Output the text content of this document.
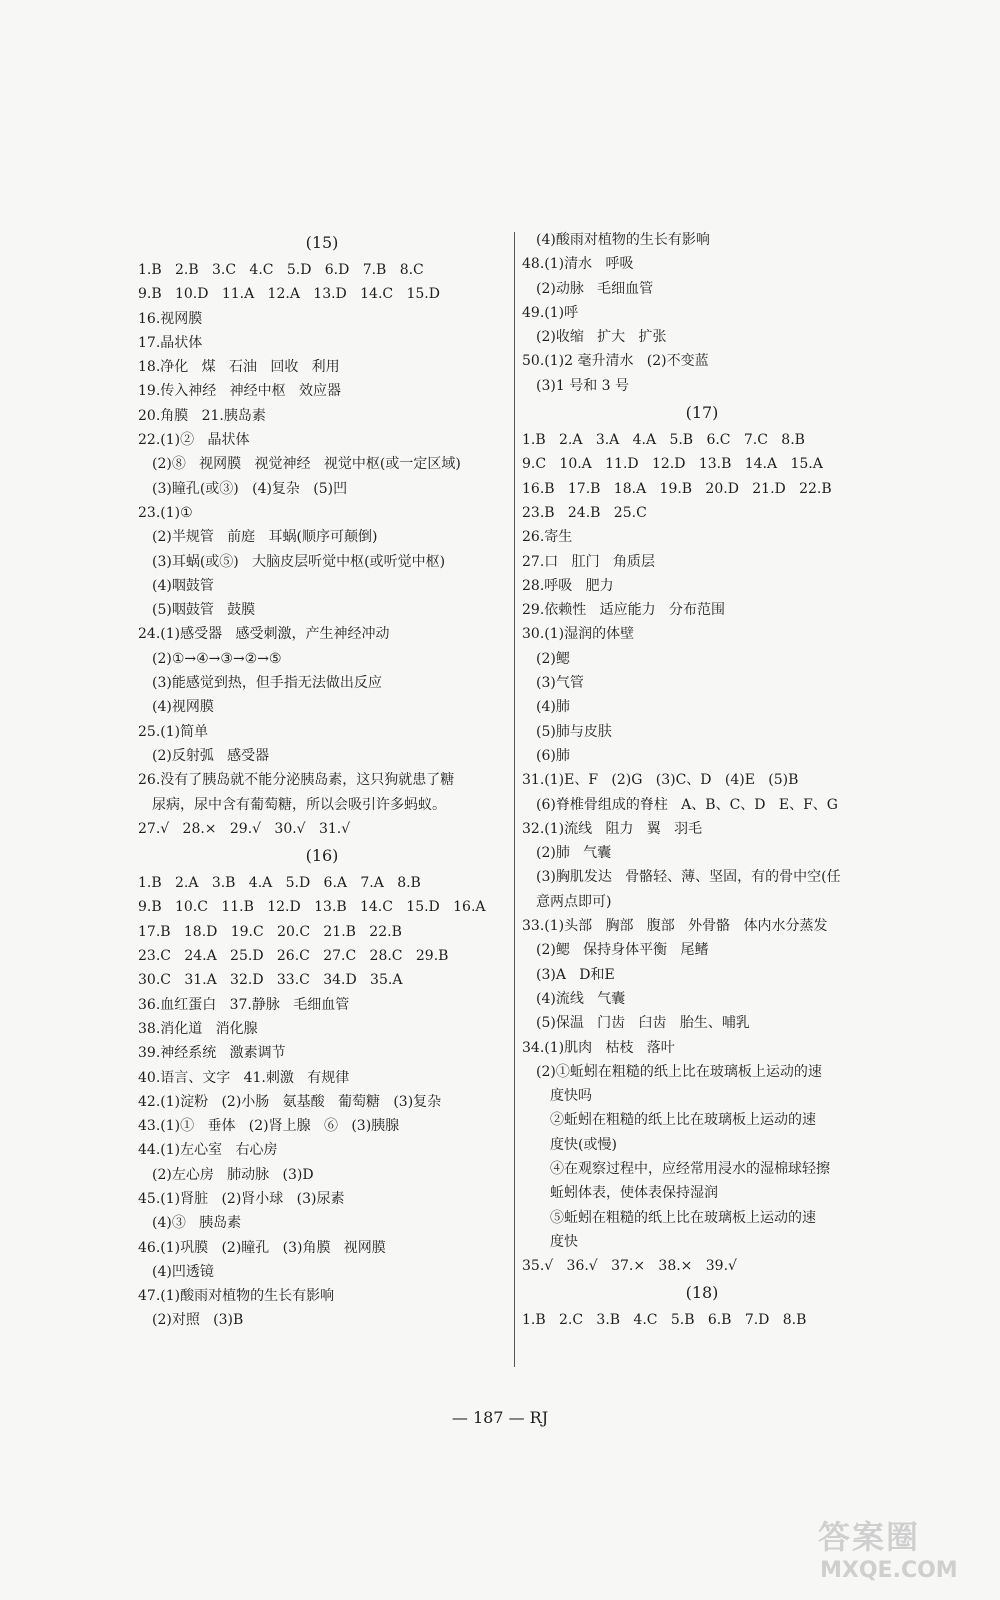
(15)
1.B   2.B   3.C   4.C   5.D   6.D   7.B   8.C
9.B   10.D   11.A   12.A   13.D   14.C   15.D
16.视网膜
17.晶状体
18.净化   煤   石油   回收   利用
19.传入神经   神经中枢   效应器
20.角膜   21.胰岛素
22.(1)②   晶状体
(2)⑧   视网膜   视觉神经   视觉中枢(或一定区域)
(3)瞳孔(或③)   (4)复杂   (5)凹
23.(1)①
(2)半规管   前庭   耳蜗(顺序可颠倒)
(3)耳蜗(或⑤)   大脑皮层听觉中枢(或听觉中枢)
(4)咽鼓管
(5)咽鼓管   鼓膜
24.(1)感受器   感受刺激，产生神经冲动
(2)①→④→③→②→⑤
(3)能感觉到热，但手指无法做出反应
(4)视网膜
25.(1)简单
(2)反射弧   感受器
26.没有了胰岛就不能分泌胰岛素，这只狗就患了糖
尿病，尿中含有葡萄糖，所以会吸引许多蚂蚁。
27.√   28.×   29.√   30.√   31.√
(16)
1.B   2.A   3.B   4.A   5.D   6.A   7.A   8.B
9.B   10.C   11.B   12.D   13.B   14.C   15.D   16.A
17.B   18.D   19.C   20.C   21.B   22.B
23.C   24.A   25.D   26.C   27.C   28.C   29.B
30.C   31.A   32.D   33.C   34.D   35.A
36.血红蛋白   37.静脉   毛细血管
38.消化道   消化腺
39.神经系统   激素调节
40.语言、文字   41.刺激   有规律
42.(1)淀粉   (2)小肠   氨基酸   葡萄糖   (3)复杂
43.(1)①   垂体   (2)肾上腺   ⑥   (3)胰腺
44.(1)左心室   右心房
(2)左心房   肺动脉   (3)D
45.(1)肾脏   (2)肾小球   (3)尿素
(4)③   胰岛素
46.(1)巩膜   (2)瞳孔   (3)角膜   视网膜
(4)凹透镜
47.(1)酸雨对植物的生长有影响
(2)对照   (3)B
(4)酸雨对植物的生长有影响
48.(1)清水   呼吸
(2)动脉   毛细血管
49.(1)呼
(2)收缩   扩大   扩张
50.(1)2 毫升清水   (2)不变蓝
(3)1 号和 3 号
(17)
1.B   2.A   3.A   4.A   5.B   6.C   7.C   8.B
9.C   10.A   11.D   12.D   13.B   14.A   15.A
16.B   17.B   18.A   19.B   20.D   21.D   22.B
23.B   24.B   25.C
26.寄生
27.口   肛门   角质层
28.呼吸   肥力
29.依赖性   适应能力   分布范围
30.(1)湿润的体壁
(2)鳃
(3)气管
(4)肺
(5)肺与皮肤
(6)肺
31.(1)E、F   (2)G   (3)C、D   (4)E   (5)B
(6)脊椎骨组成的脊柱   A、B、C、D   E、F、G
32.(1)流线   阻力   翼   羽毛
(2)肺   气囊
(3)胸肌发达   骨骼轻、薄、坚固，有的骨中空(任
意两点即可)
33.(1)头部   胸部   腹部   外骨骼   体内水分蒸发
(2)鳃   保持身体平衡   尾鳍
(3)A   D和E
(4)流线   气囊
(5)保温   门齿   臼齿   胎生、哺乳
34.(1)肌肉   枯枝   落叶
(2)①蚯蚓在粗糙的纸上比在玻璃板上运动的速
度快吗
②蚯蚓在粗糙的纸上比在玻璃板上运动的速
度快(或慢)
④在观察过程中，应经常用浸水的湿棉球轻擦
蚯蚓体表，使体表保持湿润
⑤蚯蚓在粗糙的纸上比在玻璃板上运动的速
度快
35.√   36.√   37.×   38.×   39.√
(18)
1.B   2.C   3.B   4.C   5.B   6.B   7.D   8.B
— 187 — RJ
答案圈
MXQE.COM
